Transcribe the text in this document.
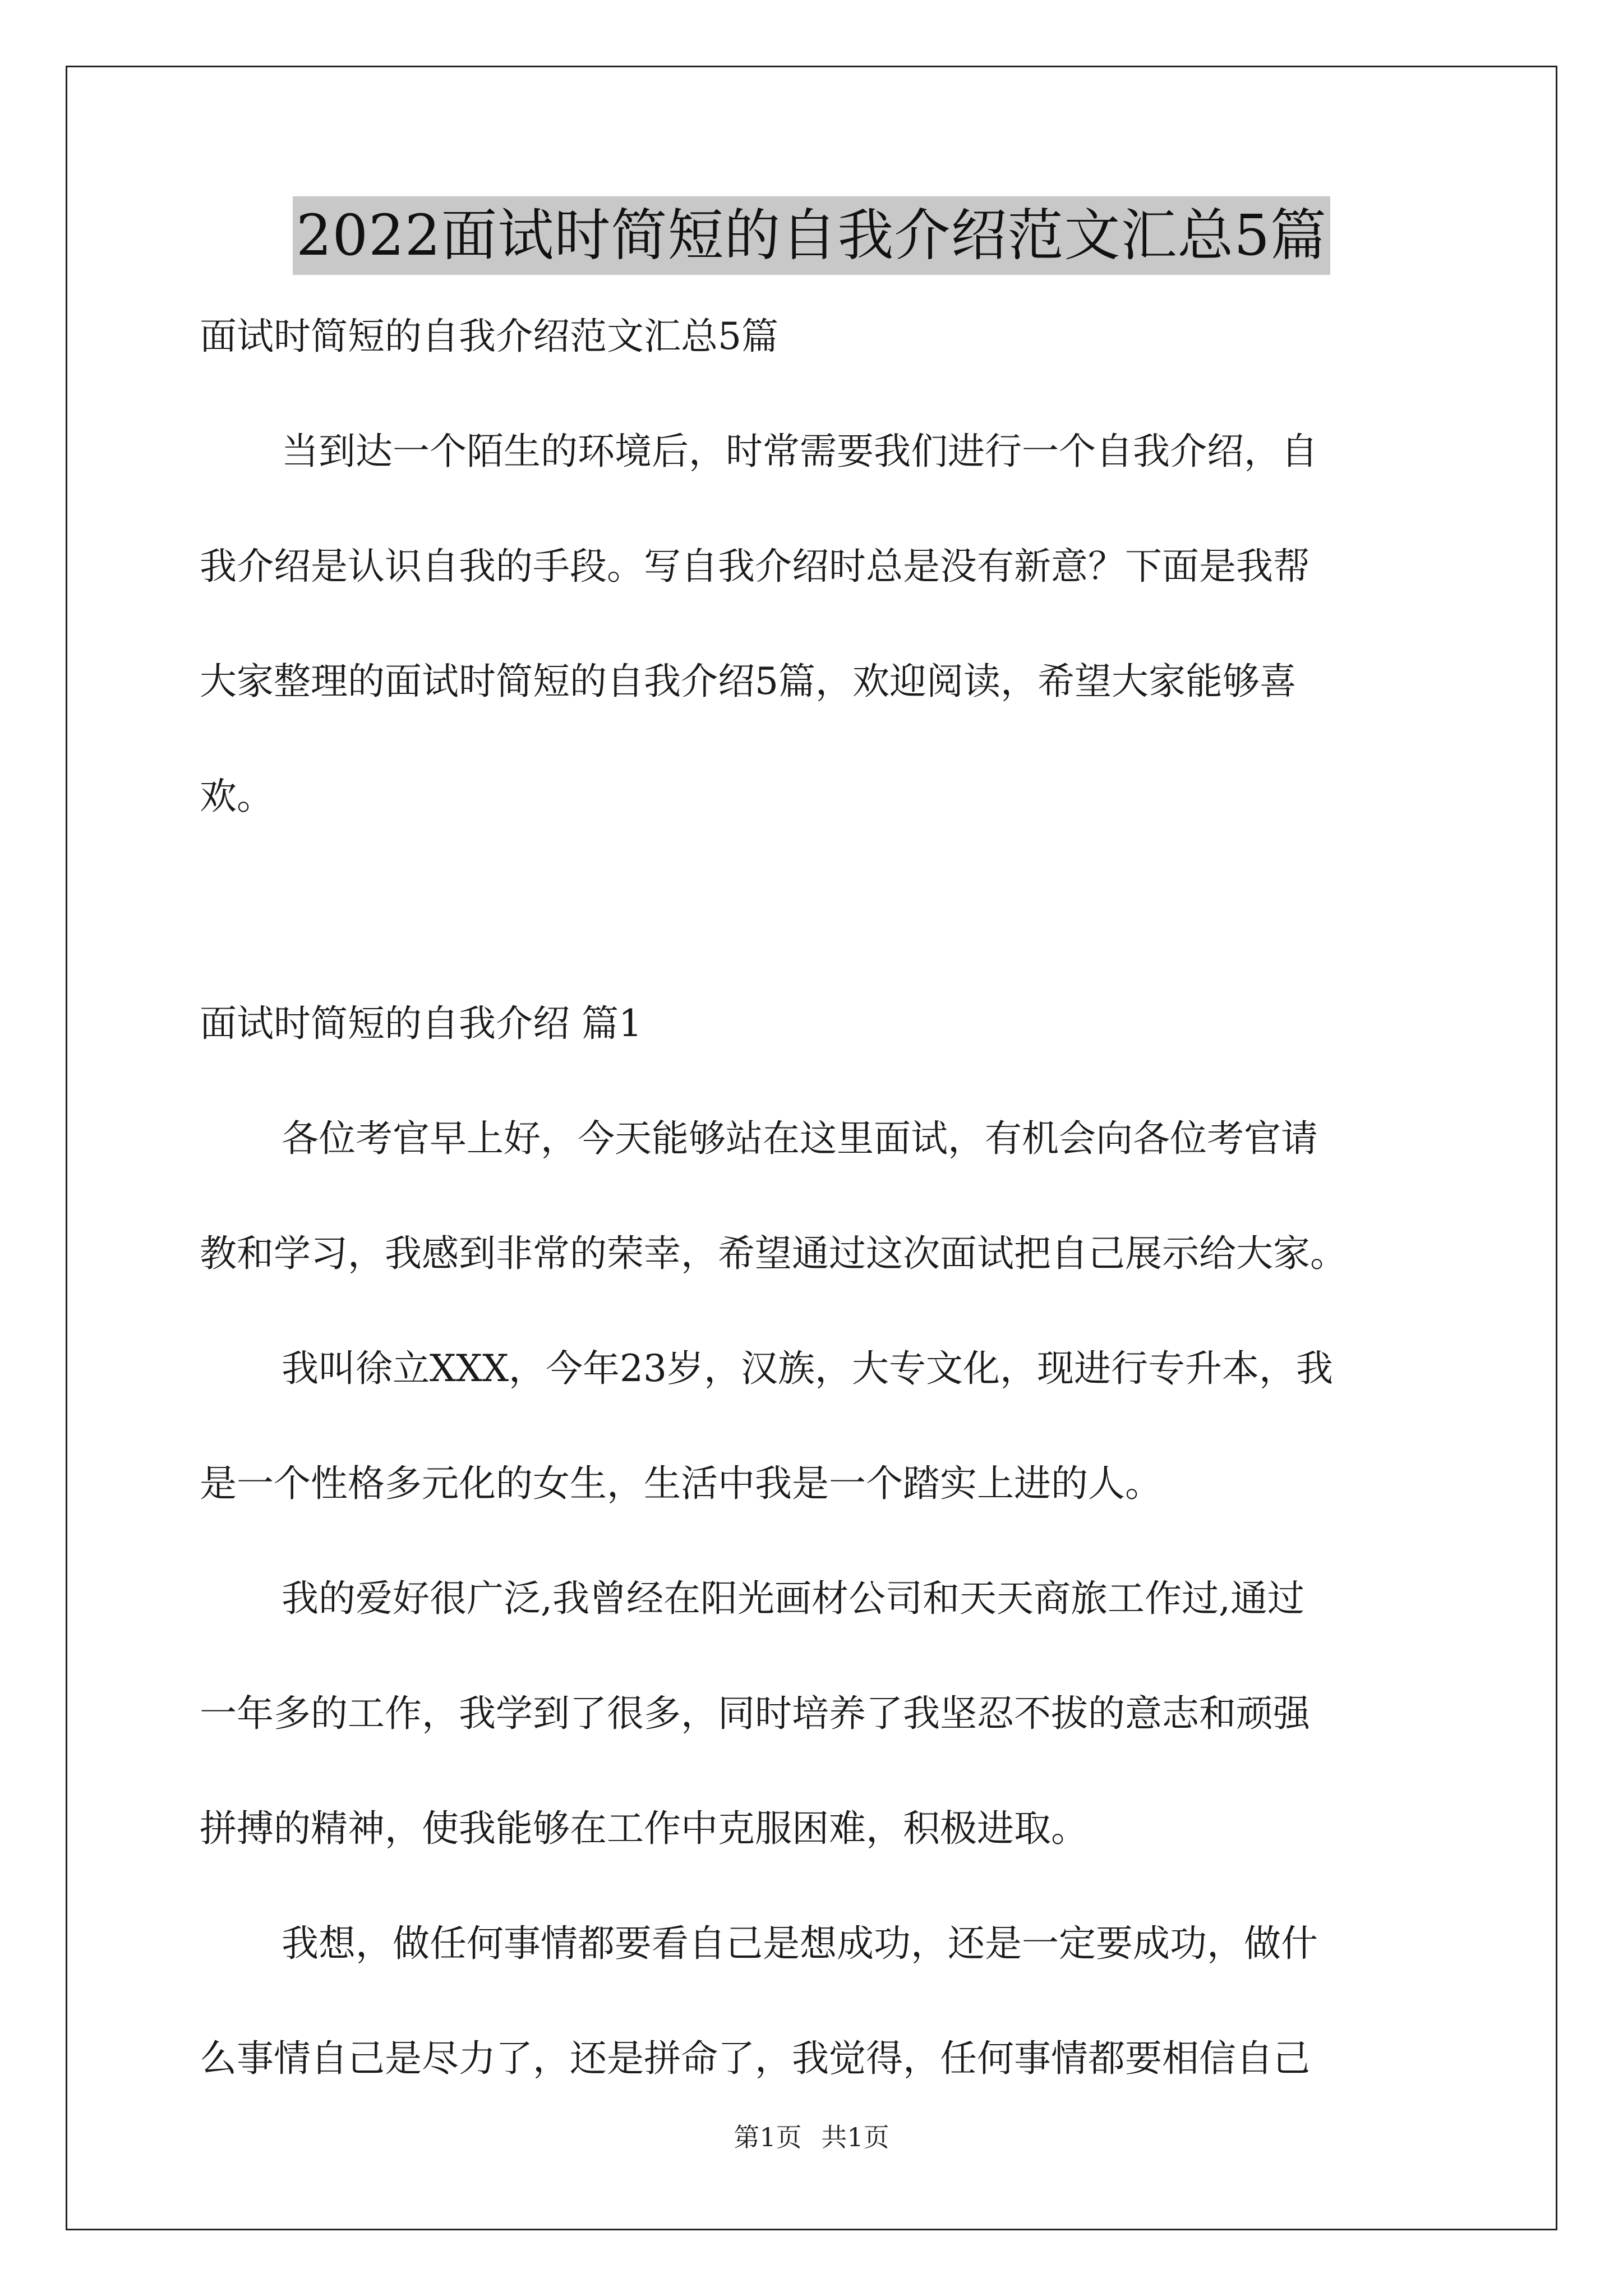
2022面试时简短的自我介绍范文汇总5篇
面试时简短的自我介绍范文汇总5篇
当到达一个陌生的环境后，时常需要我们进行一个自我介绍，自
我介绍是认识自我的手段。写自我介绍时总是没有新意？下面是我帮
大家整理的面试时简短的自我介绍5篇，欢迎阅读，希望大家能够喜
欢。
面试时简短的自我介绍 篇1
各位考官早上好，今天能够站在这里面试，有机会向各位考官请
教和学习，我感到非常的荣幸，希望通过这次面试把自己展示给大家。
我叫徐立XXX，今年23岁，汉族，大专文化，现进行专升本，我
是一个性格多元化的女生，生活中我是一个踏实上进的人。
我的爱好很广泛,我曾经在阳光画材公司和天天商旅工作过,通过
一年多的工作，我学到了很多，同时培养了我坚忍不拔的意志和顽强
拼搏的精神，使我能够在工作中克服困难，积极进取。
我想，做任何事情都要看自己是想成功，还是一定要成功，做什
么事情自己是尽力了，还是拼命了，我觉得，任何事情都要相信自己
第1页 共1页
